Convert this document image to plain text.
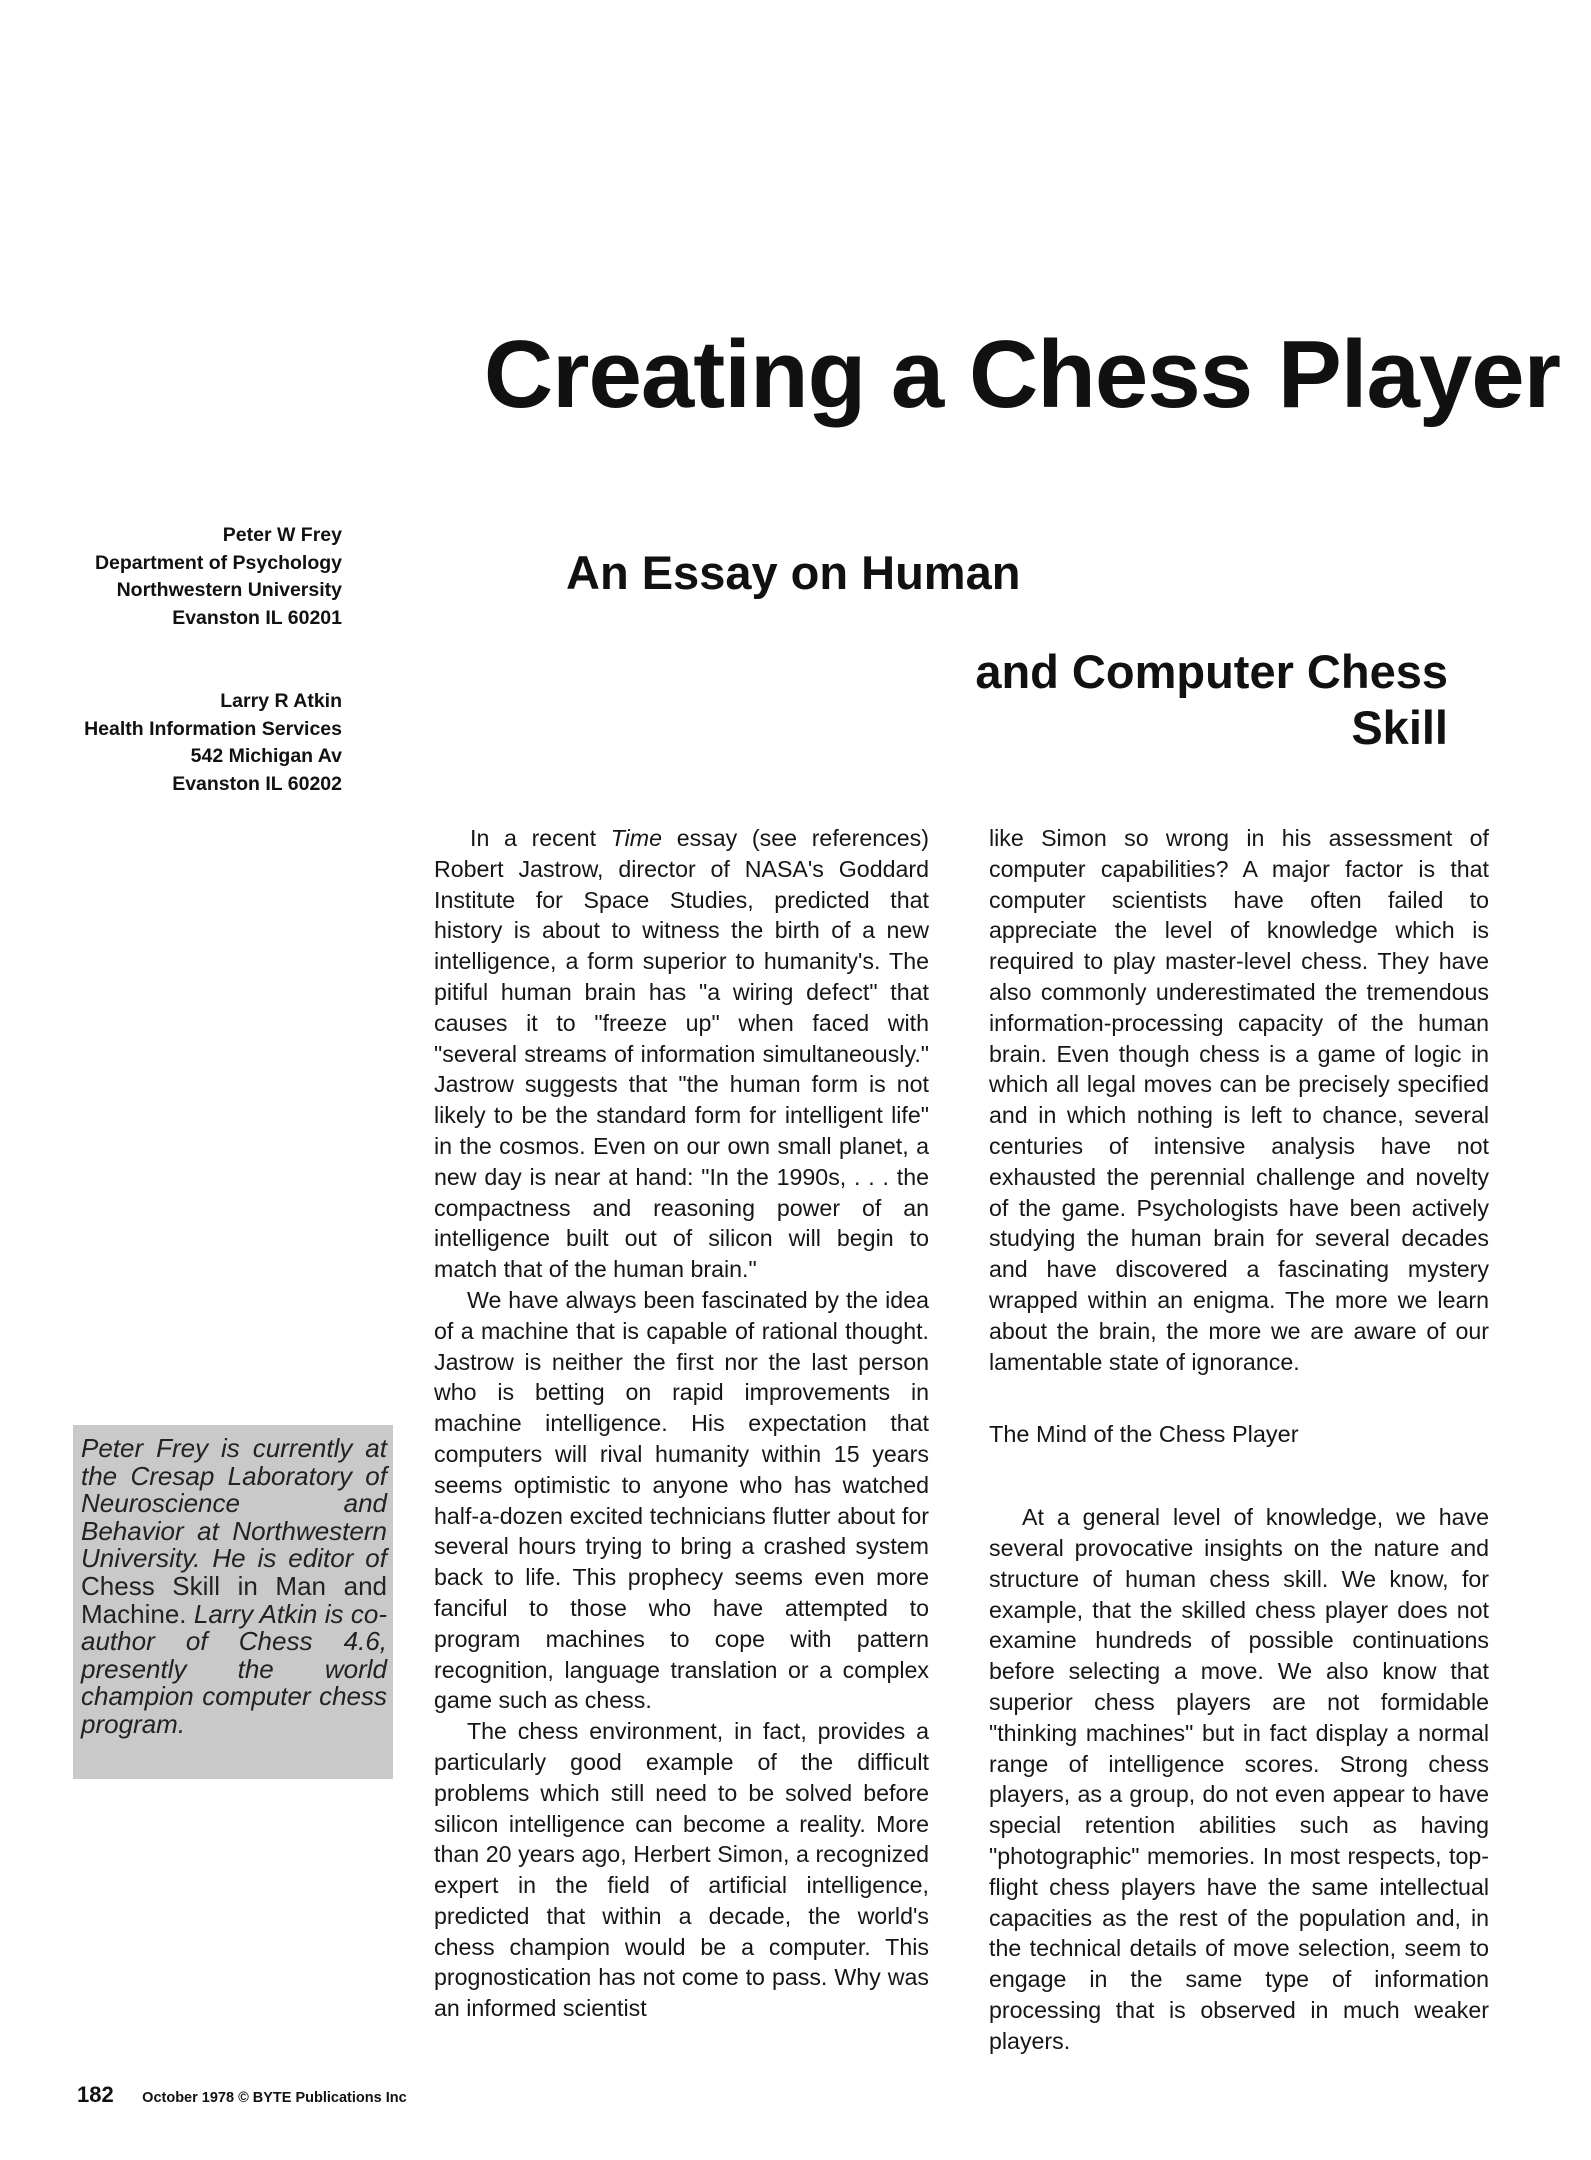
Creating a Chess Player
An Essay on Human
and Computer Chess Skill
Peter W Frey
Department of Psychology
Northwestern University
Evanston IL 60201
Larry R Atkin
Health Information Services
542 Michigan Av
Evanston IL 60202
Peter Frey is currently at the Cresap Laboratory of Neuroscience and Behavior at Northwestern University. He is editor of Chess Skill in Man and Machine. Larry Atkin is co-author of Chess 4.6, presently the world champion computer chess program.

In a recent Time essay (see references) Robert Jastrow, director of NASA's Goddard Institute for Space Studies, predicted that history is about to witness the birth of a new intelligence, a form superior to humanity's. The pitiful human brain has "a wiring defect" that causes it to "freeze up" when faced with "several streams of information simultaneously." Jastrow suggests that "the human form is not likely to be the standard form for intelligent life" in the cosmos. Even on our own small planet, a new day is near at hand: "In the 1990s, . . . the compactness and reasoning power of an intelligence built out of silicon will begin to match that of the human brain."

We have always been fascinated by the idea of a machine that is capable of rational thought. Jastrow is neither the first nor the last person who is betting on rapid improvements in machine intelligence. His expectation that computers will rival humanity within 15 years seems optimistic to anyone who has watched half-a-dozen excited technicians flutter about for several hours trying to bring a crashed system back to life. This prophecy seems even more fanciful to those who have attempted to program machines to cope with pattern recognition, language translation or a complex game such as chess.

The chess environment, in fact, provides a particularly good example of the difficult problems which still need to be solved before silicon intelligence can become a reality. More than 20 years ago, Herbert Simon, a recognized expert in the field of artificial intelligence, predicted that within a decade, the world's chess champion would be a computer. This prognostication has not come to pass. Why was an informed scientist

like Simon so wrong in his assessment of computer capabilities? A major factor is that computer scientists have often failed to appreciate the level of knowledge which is required to play master-level chess. They have also commonly underestimated the tremendous information-processing capacity of the human brain. Even though chess is a game of logic in which all legal moves can be precisely specified and in which nothing is left to chance, several centuries of intensive analysis have not exhausted the perennial challenge and novelty of the game. Psychologists have been actively studying the human brain for several decades and have discovered a fascinating mystery wrapped within an enigma. The more we learn about the brain, the more we are aware of our lamentable state of ignorance.

The Mind of the Chess Player

At a general level of knowledge, we have several provocative insights on the nature and structure of human chess skill. We know, for example, that the skilled chess player does not examine hundreds of possible continuations before selecting a move. We also know that superior chess players are not formidable "thinking machines" but in fact display a normal range of intelligence scores. Strong chess players, as a group, do not even appear to have special retention abilities such as having "photographic" memories. In most respects, top-flight chess players have the same intellectual capacities as the rest of the population and, in the technical details of move selection, seem to engage in the same type of information processing that is observed in much weaker players.

182 October 1978 © BYTE Publications Inc
